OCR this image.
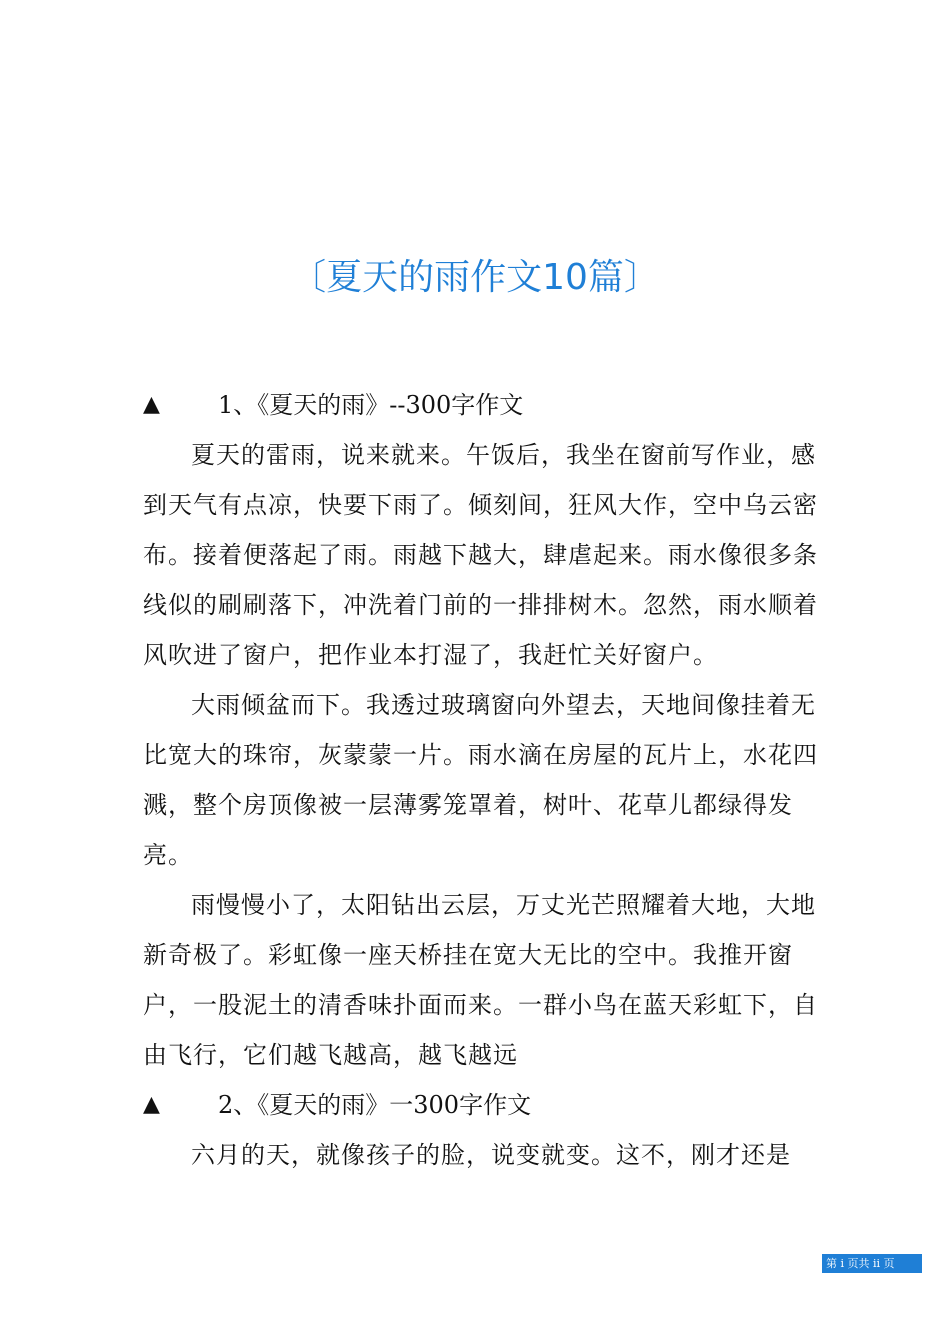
〔夏天的雨作文10篇〕
▲ 1、《夏天的雨》--300字作文

夏天的雷雨，说来就来。午饭后，我坐在窗前写作业，感到天气有点凉，快要下雨了。倾刻间，狂风大作，空中乌云密布。接着便落起了雨。雨越下越大，肆虐起来。雨水像很多条线似的刷刷落下，冲洗着门前的一排排树木。忽然，雨水顺着风吹进了窗户，把作业本打湿了，我赶忙关好窗户。

大雨倾盆而下。我透过玻璃窗向外望去，天地间像挂着无比宽大的珠帘，灰蒙蒙一片。雨水滴在房屋的瓦片上，水花四溅，整个房顶像被一层薄雾笼罩着，树叶、花草儿都绿得发亮。

雨慢慢小了，太阳钻出云层，万丈光芒照耀着大地，大地新奇极了。彩虹像一座天桥挂在宽大无比的空中。我推开窗户，一股泥土的清香味扑面而来。一群小鸟在蓝天彩虹下，自由飞行，它们越飞越高，越飞越远

▲ 2、《夏天的雨》一300字作文

六月的天，就像孩子的脸，说变就变。这不，刚才还是

第 i 页共 ii 页
